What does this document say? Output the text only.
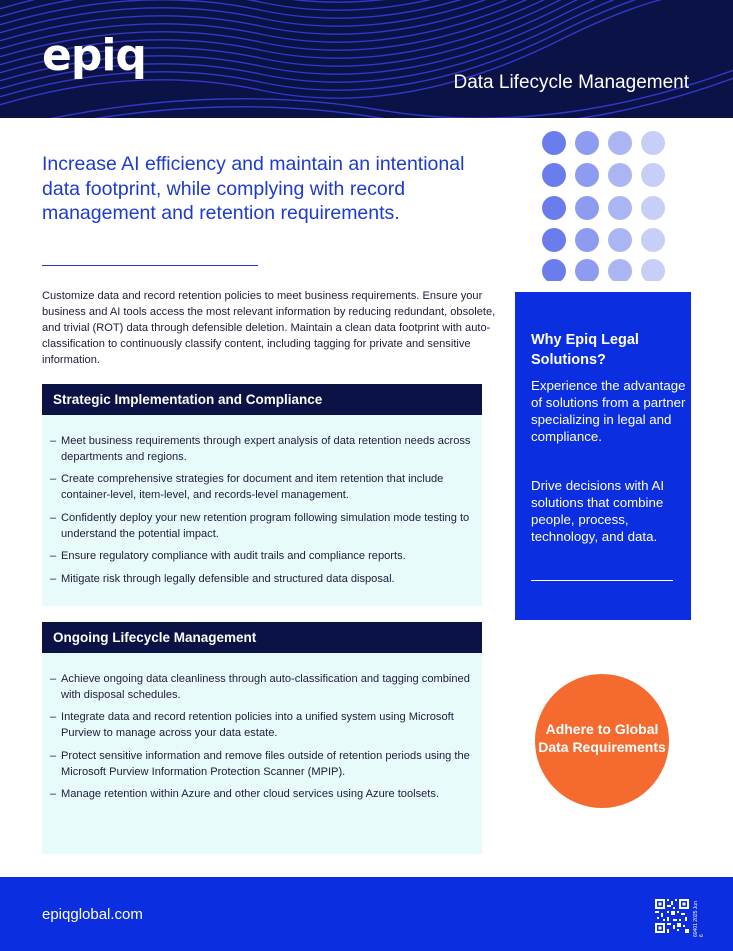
epiq
Data Lifecycle Management
Increase AI efficiency and maintain an intentional data footprint, while complying with record management and retention requirements.
Customize data and record retention policies to meet business requirements. Ensure your business and AI tools access the most relevant information by reducing redundant, obsolete, and trivial (ROT) data through defensible deletion. Maintain a clean data footprint with auto-classification to continuously classify content, including tagging for private and sensitive information.
Strategic Implementation and Compliance
– Meet business requirements through expert analysis of data retention needs across departments and regions.
– Create comprehensive strategies for document and item retention that include container-level, item-level, and records-level management.
– Confidently deploy your new retention program following simulation mode testing to understand the potential impact.
– Ensure regulatory compliance with audit trails and compliance reports.
– Mitigate risk through legally defensible and structured data disposal.
Ongoing Lifecycle Management
– Achieve ongoing data cleanliness through auto-classification and tagging combined with disposal schedules.
– Integrate data and record retention policies into a unified system using Microsoft Purview to manage across your data estate.
– Protect sensitive information and remove files outside of retention periods using the Microsoft Purview Information Protection Scanner (MPIP).
– Manage retention within Azure and other cloud services using Azure toolsets.
Why Epiq Legal Solutions?
Experience the advantage of solutions from a partner specializing in legal and compliance.
Drive decisions with AI solutions that combine people, process, technology, and data.
Adhere to Global Data Requirements
epiqglobal.com	60401 2025 Jun 6
